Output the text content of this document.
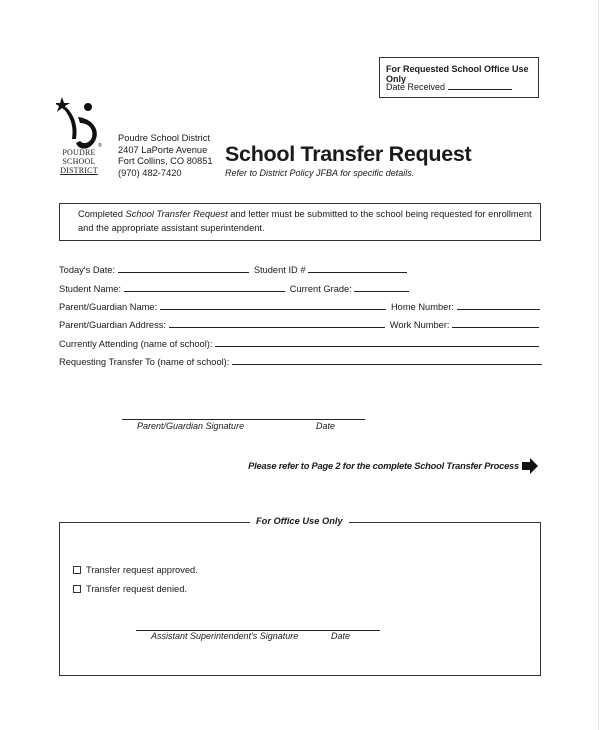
For Requested School Office Use Only
Date Received
®
POUDRE
SCHOOL
DISTRICT
Poudre School District
2407 LaPorte Avenue
Fort Collins, CO 80851
(970) 482-7420
School Transfer Request
Refer to District Policy JFBA for specific details.
Completed School Transfer Request and letter must be submitted to the school being requested for enrollment
and the appropriate assistant superintendent.
Today's Date:	Student ID #
Student Name:	Current Grade:
Parent/Guardian Name:	Home Number:
Parent/Guardian Address:	Work Number:
Currently Attending (name of school):
Requesting Transfer To (name of school):
Parent/Guardian Signature	Date
Please refer to Page 2 for the complete School Transfer Process
For Office Use Only
Transfer request approved.
Transfer request denied.
Assistant Superintendent's Signature	Date
